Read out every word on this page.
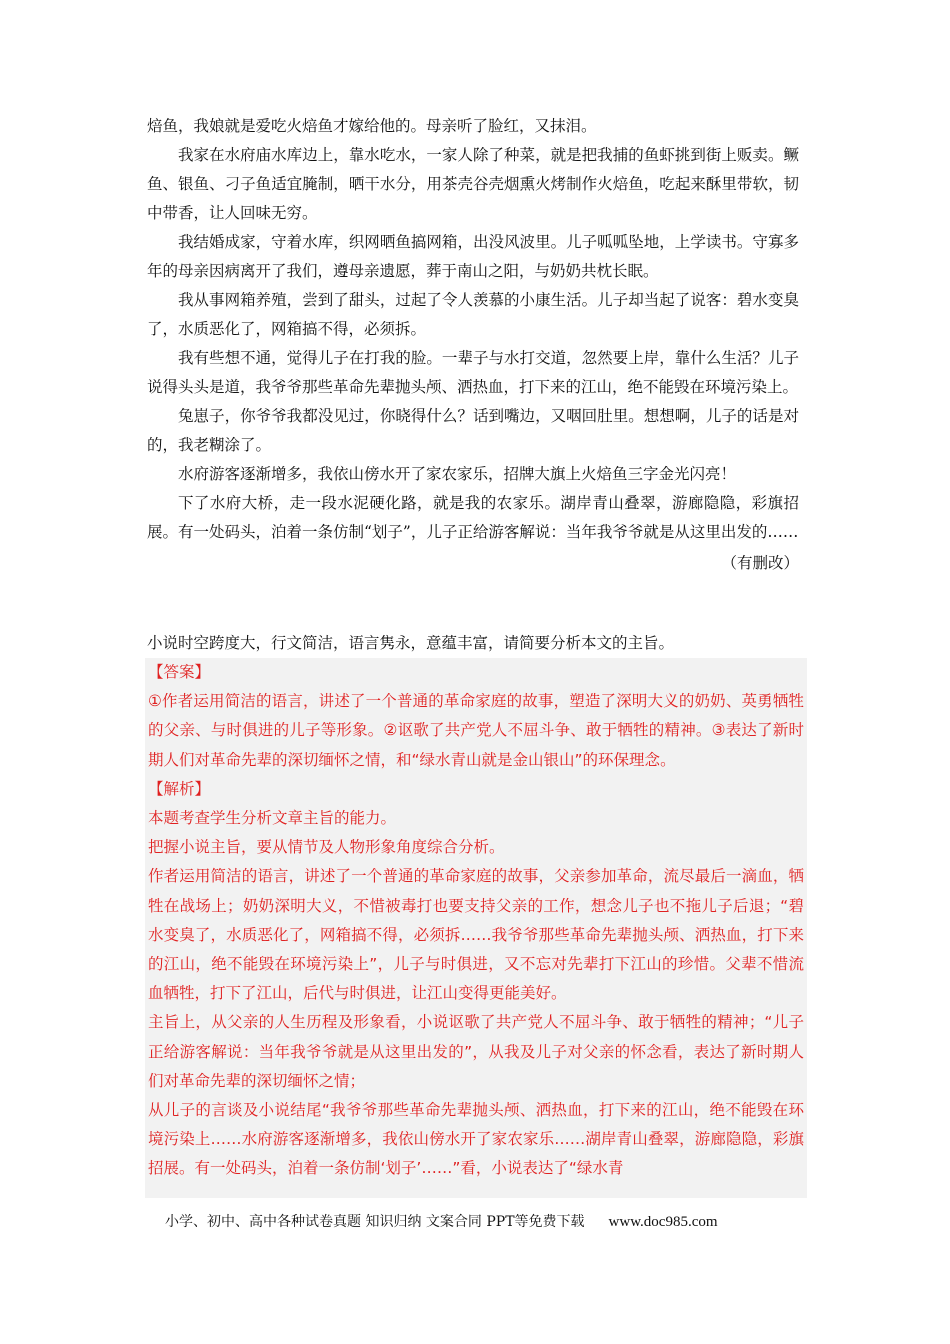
焙鱼，我娘就是爱吃火焙鱼才嫁给他的。母亲听了脸红，又抹泪。

我家在水府庙水库边上，靠水吃水，一家人除了种菜，就是把我捕的鱼虾挑到街上贩卖。鳜鱼、银鱼、刁子鱼适宜腌制，晒干水分，用茶壳谷壳烟熏火烤制作火焙鱼，吃起来酥里带软，韧中带香，让人回味无穷。

我结婚成家，守着水库，织网晒鱼搞网箱，出没风波里。儿子呱呱坠地，上学读书。守寡多年的母亲因病离开了我们，遵母亲遗愿，葬于南山之阳，与奶奶共枕长眠。

我从事网箱养殖，尝到了甜头，过起了令人羡慕的小康生活。儿子却当起了说客：碧水变臭了，水质恶化了，网箱搞不得，必须拆。

我有些想不通，觉得儿子在打我的脸。一辈子与水打交道，忽然要上岸，靠什么生活？儿子说得头头是道，我爷爷那些革命先辈抛头颅、洒热血，打下来的江山，绝不能毁在环境污染上。

兔崽子，你爷爷我都没见过，你晓得什么？话到嘴边，又咽回肚里。想想啊，儿子的话是对的，我老糊涂了。

水府游客逐渐增多，我依山傍水开了家农家乐，招牌大旗上火焙鱼三字金光闪亮！

下了水府大桥，走一段水泥硬化路，就是我的农家乐。湖岸青山叠翠，游廊隐隐，彩旗招展。有一处码头，泊着一条仿制“划子”，儿子正给游客解说：当年我爷爷就是从这里出发的……

（有删改）

小说时空跨度大，行文简洁，语言隽永，意蕴丰富，请简要分析本文的主旨。

【答案】

①作者运用简洁的语言，讲述了一个普通的革命家庭的故事，塑造了深明大义的奶奶、英勇牺牲的父亲、与时俱进的儿子等形象。②讴歌了共产党人不屈斗争、敢于牺牲的精神。③表达了新时期人们对革命先辈的深切缅怀之情，和“绿水青山就是金山银山”的环保理念。

【解析】

本题考查学生分析文章主旨的能力。

把握小说主旨，要从情节及人物形象角度综合分析。

作者运用简洁的语言，讲述了一个普通的革命家庭的故事，父亲参加革命，流尽最后一滴血，牺牲在战场上；奶奶深明大义，不惜被毒打也要支持父亲的工作，想念儿子也不拖儿子后退；“碧水变臭了，水质恶化了，网箱搞不得，必须拆……我爷爷那些革命先辈抛头颅、洒热血，打下来的江山，绝不能毁在环境污染上”，儿子与时俱进，又不忘对先辈打下江山的珍惜。父辈不惜流血牺牲，打下了江山，后代与时俱进，让江山变得更能美好。

主旨上，从父亲的人生历程及形象看，小说讴歌了共产党人不屈斗争、敢于牺牲的精神；“儿子正给游客解说：当年我爷爷就是从这里出发的”，从我及儿子对父亲的怀念看，表达了新时期人们对革命先辈的深切缅怀之情；

从儿子的言谈及小说结尾“我爷爷那些革命先辈抛头颅、洒热血，打下来的江山，绝不能毁在环境污染上……水府游客逐渐增多，我依山傍水开了家农家乐……湖岸青山叠翠，游廊隐隐，彩旗招展。有一处码头，泊着一条仿制‘划子’……”看，小说表达了“绿水青

小学、初中、高中各种试卷真题 知识归纳 文案合同 PPT等免费下载 www.doc985.com
